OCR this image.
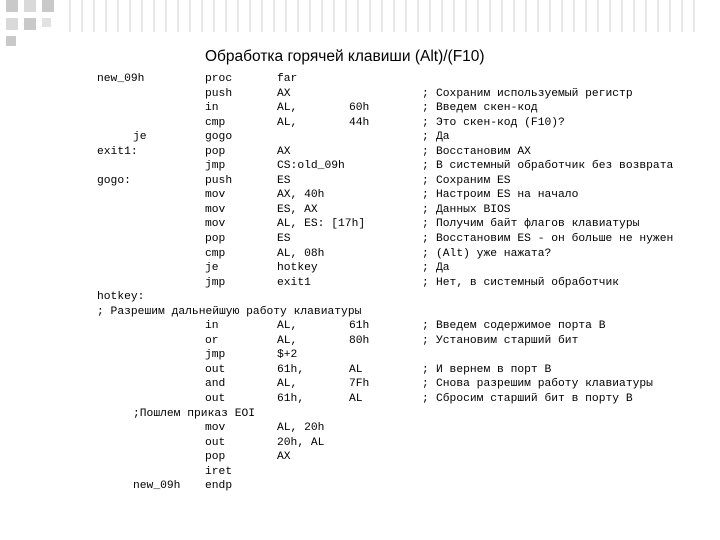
Обработка горячей клавиши (Alt)/(F10)
new_09h	proc	far
push	AX	; Сохраним используемый регистр
in	AL,	60h	; Введем скен-код
cmp	AL,	44h	; Это скен-код (F10)?
je	gogo	; Да
exit1:	pop	AX	; Восстановим AX
jmp	CS:old_09h	; В системный обработчик без возврата
gogo:	push	ES	; Сохраним ES
mov	AX, 40h	; Настроим ES на начало
mov	ES, AX	; Данных BIOS
mov	AL, ES: [17h]	; Получим байт флагов клавиатуры
pop	ES	; Восстановим ES - он больше не нужен
cmp	AL, 08h	; (Alt) уже нажата?
je	hotkey	; Да
jmp	exit1	; Нет, в системный обработчик
hotkey:
; Разрешим дальнейшую работу клавиатуры
in	AL,	61h	; Введем содержимое порта В
or	AL,	80h	; Установим старший бит
jmp	$+2
out	61h,	AL	; И вернем в порт В
and	AL,	7Fh	; Снова разрешим работу клавиатуры
out	61h,	AL	; Сбросим старший бит в порту В
;Пошлем приказ EOI
mov	AL, 20h
out	20h, AL
pop	AX
iret
new_09h endp
